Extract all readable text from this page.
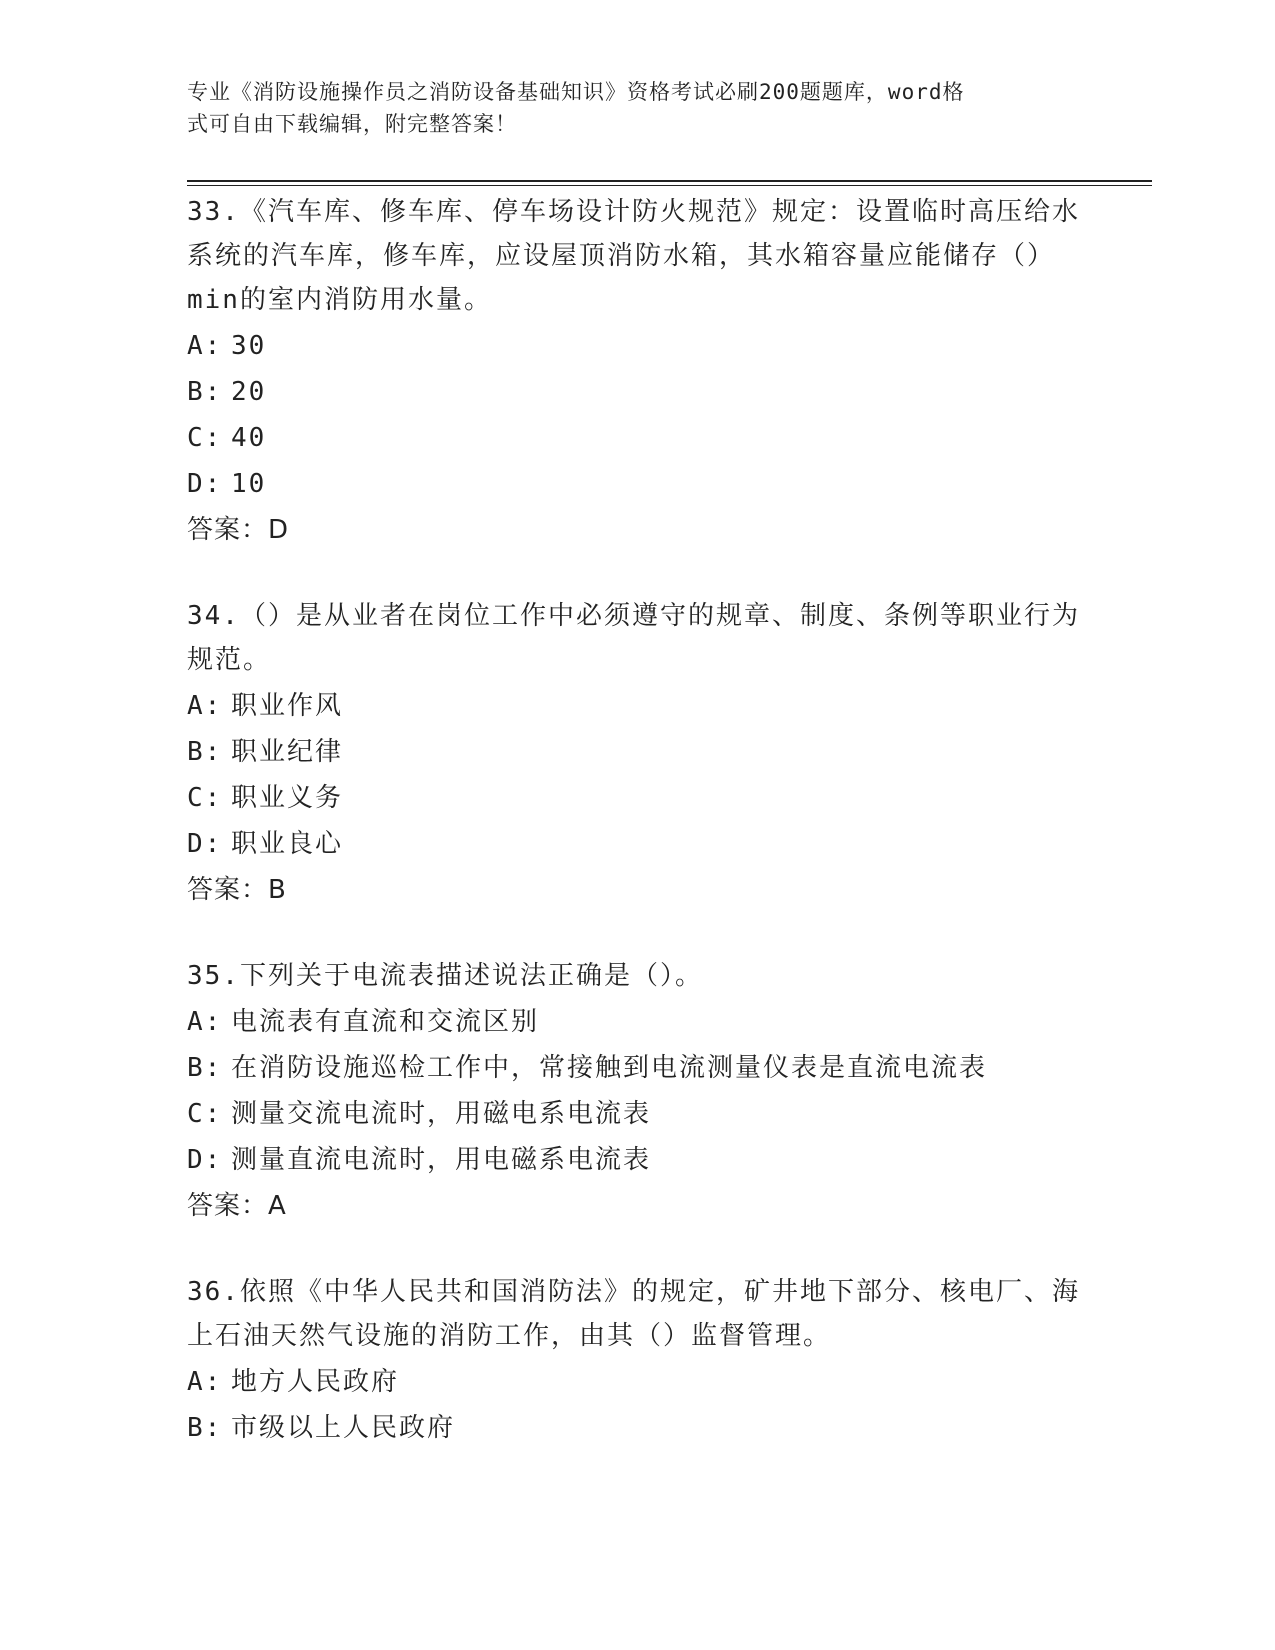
专业《消防设施操作员之消防设备基础知识》资格考试必刷200题题库，word格
式可自由下载编辑，附完整答案！

33.《汽车库、修车库、停车场设计防火规范》规定：设置临时高压给水系统的汽车库，修车库，应设屋顶消防水箱，其水箱容量应能储存（）min的室内消防用水量。

A: 30

B: 20

C: 40

D: 10

答案：D

34.（）是从业者在岗位工作中必须遵守的规章、制度、条例等职业行为规范。

A: 职业作风

B: 职业纪律

C: 职业义务

D: 职业良心

答案：B

35.下列关于电流表描述说法正确是（）。

A: 电流表有直流和交流区别

B: 在消防设施巡检工作中，常接触到电流测量仪表是直流电流表

C: 测量交流电流时，用磁电系电流表

D: 测量直流电流时，用电磁系电流表

答案：A

36.依照《中华人民共和国消防法》的规定，矿井地下部分、核电厂、海上石油天然气设施的消防工作，由其（）监督管理。

A: 地方人民政府

B: 市级以上人民政府
